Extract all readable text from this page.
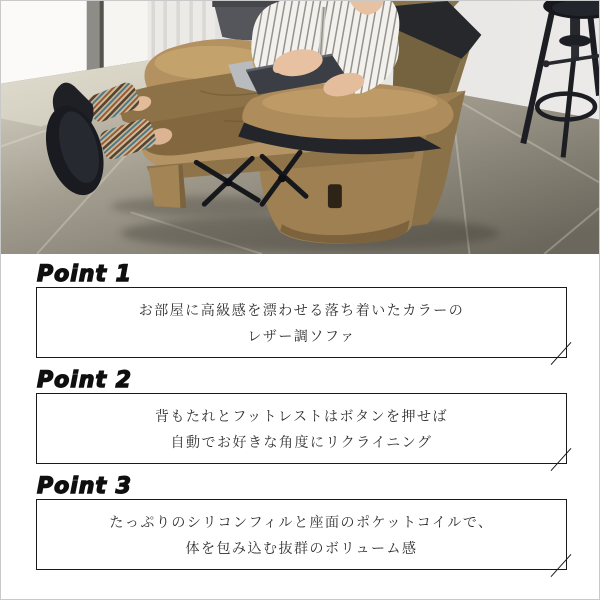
Point 1
お部屋に高級感を漂わせる落ち着いたカラーの
レザー調ソファ
Point 2
背もたれとフットレストはボタンを押せば
自動でお好きな角度にリクライニング
Point 3
たっぷりのシリコンフィルと座面のポケットコイルで、
体を包み込む抜群のボリューム感
